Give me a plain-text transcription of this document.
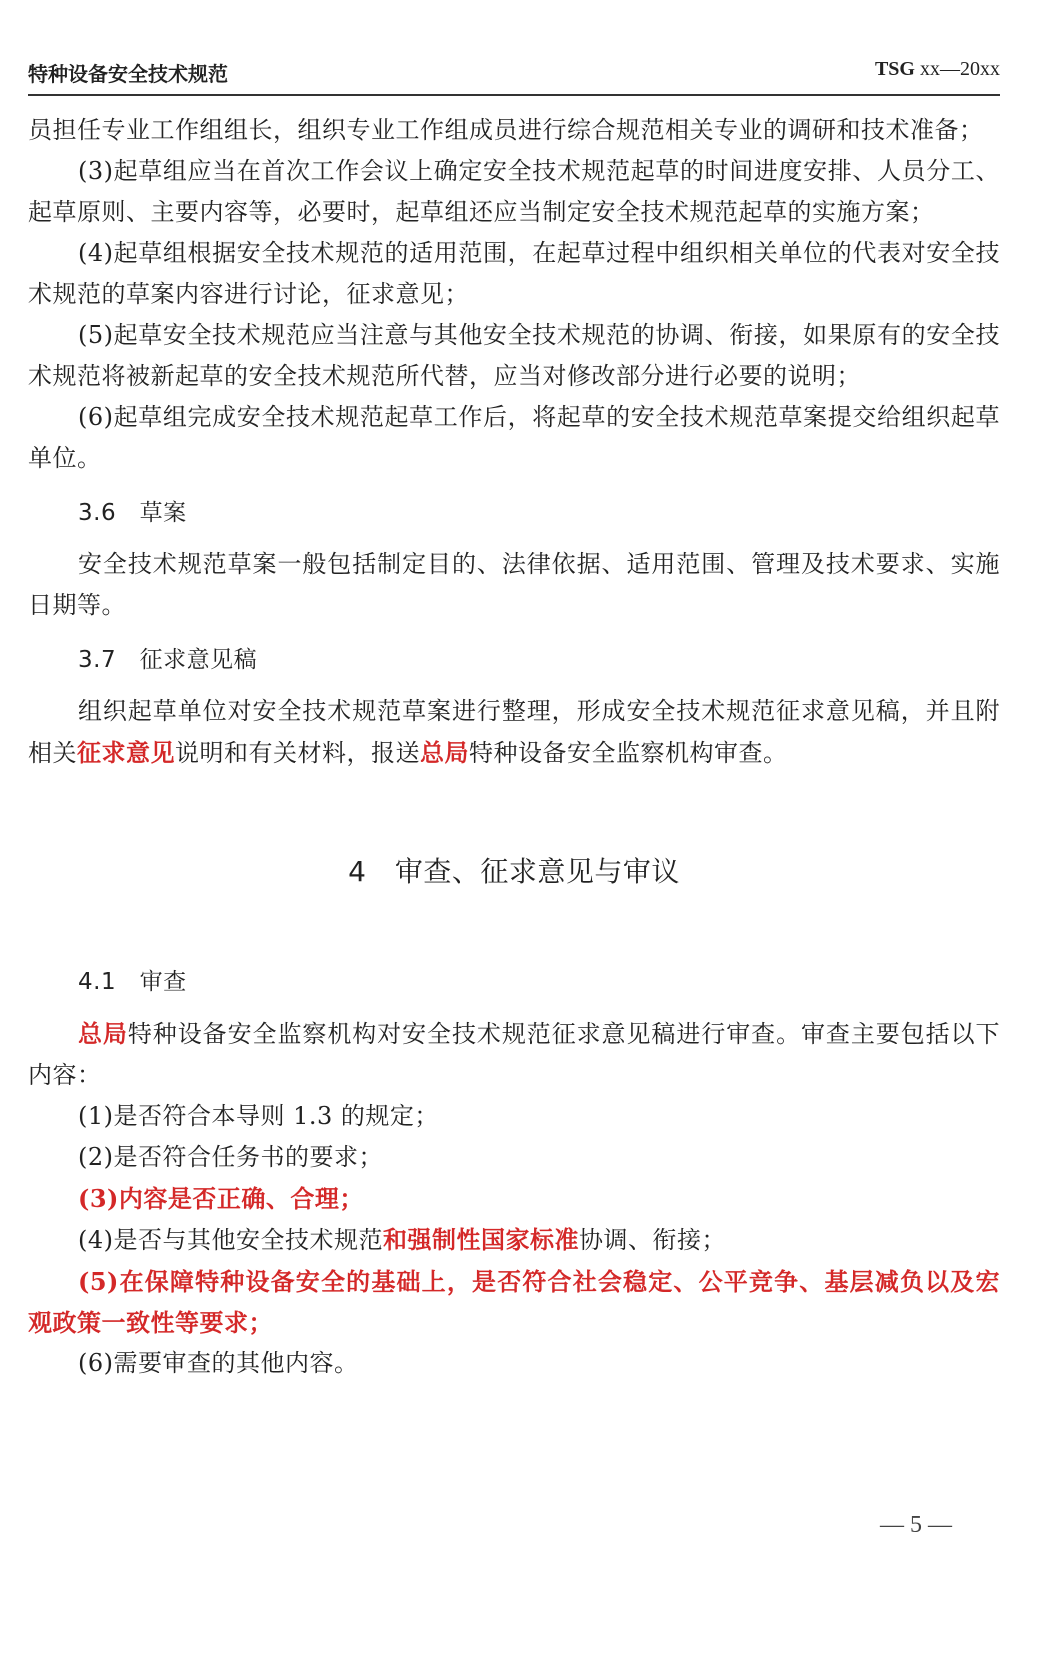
特种设备安全技术规范	TSG xx—20xx

员担任专业工作组组长，组织专业工作组成员进行综合规范相关专业的调研和技术准备；

(3)起草组应当在首次工作会议上确定安全技术规范起草的时间进度安排、人员分工、起草原则、主要内容等，必要时，起草组还应当制定安全技术规范起草的实施方案；

(4)起草组根据安全技术规范的适用范围，在起草过程中组织相关单位的代表对安全技术规范的草案内容进行讨论，征求意见；

(5)起草安全技术规范应当注意与其他安全技术规范的协调、衔接，如果原有的安全技术规范将被新起草的安全技术规范所代替，应当对修改部分进行必要的说明；

(6)起草组完成安全技术规范起草工作后，将起草的安全技术规范草案提交给组织起草单位。

3.6　草案

安全技术规范草案一般包括制定目的、法律依据、适用范围、管理及技术要求、实施日期等。

3.7　征求意见稿

组织起草单位对安全技术规范草案进行整理，形成安全技术规范征求意见稿，并且附相关征求意见说明和有关材料，报送总局特种设备安全监察机构审查。

4　审查、征求意见与审议

4.1　审查

总局特种设备安全监察机构对安全技术规范征求意见稿进行审查。审查主要包括以下内容：

(1)是否符合本导则 1.3 的规定；

(2)是否符合任务书的要求；

(3)内容是否正确、合理；

(4)是否与其他安全技术规范和强制性国家标准协调、衔接；

(5)在保障特种设备安全的基础上，是否符合社会稳定、公平竞争、基层减负以及宏观政策一致性等要求；

(6)需要审查的其他内容。

— 5 —
